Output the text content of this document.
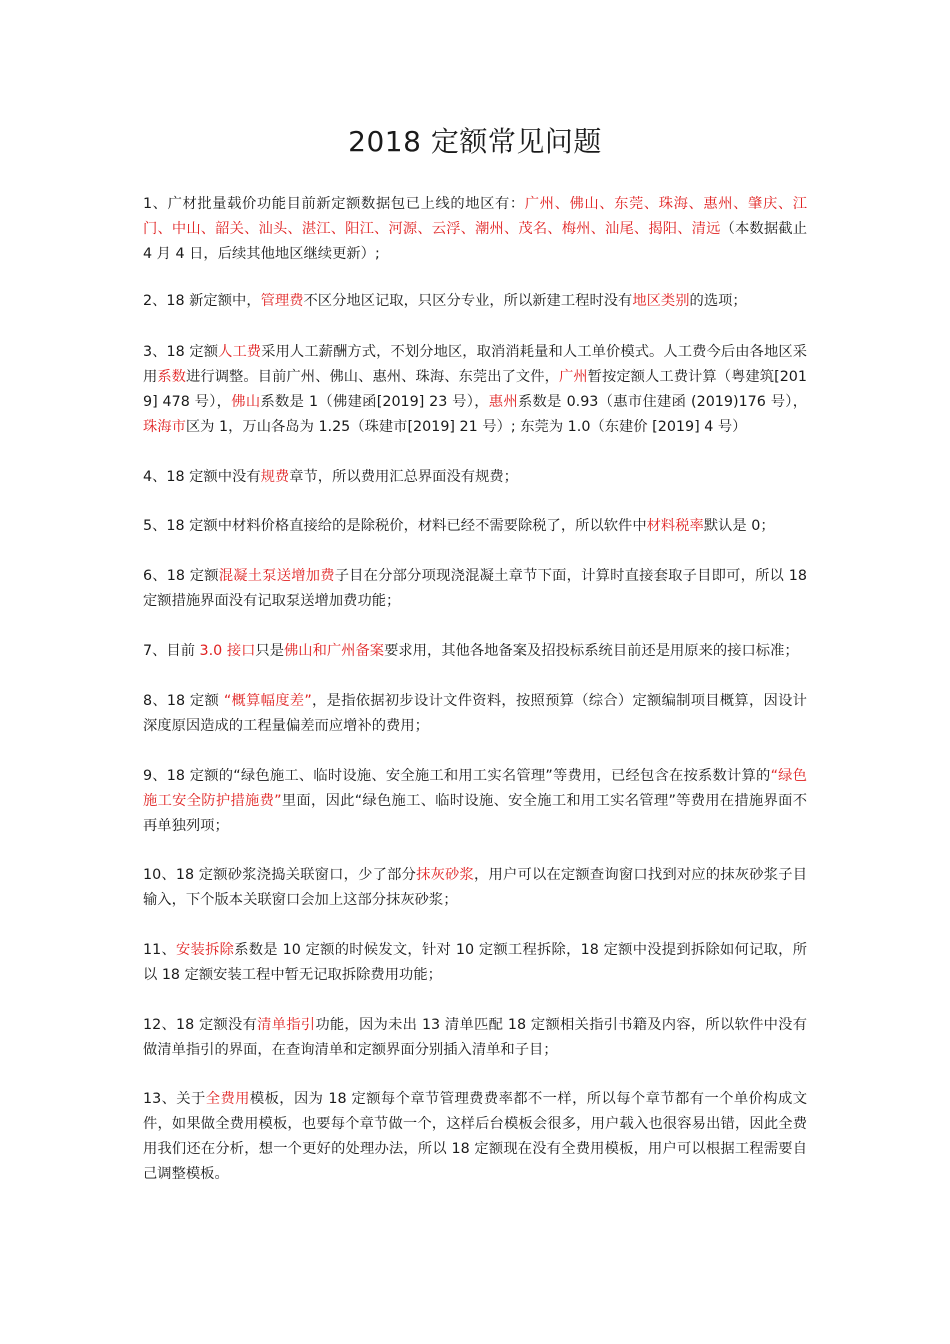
2018 定额常见问题

1、广材批量载价功能目前新定额数据包已上线的地区有：广州、佛山、东莞、珠海、惠州、肇庆、江门、中山、韶关、汕头、湛江、阳江、河源、云浮、潮州、茂名、梅州、汕尾、揭阳、清远（本数据截止 4 月 4 日，后续其他地区继续更新）;

2、18 新定额中，管理费不区分地区记取，只区分专业，所以新建工程时没有地区类别的选项；

3、18 定额人工费采用人工薪酬方式，不划分地区，取消消耗量和人工单价模式。人工费今后由各地区采用系数进行调整。目前广州、佛山、惠州、珠海、东莞出了文件，广州暂按定额人工费计算（粤建筑[2019] 478 号），佛山系数是 1（佛建函[2019] 23 号），惠州系数是 0.93（惠市住建函 (2019)176 号），珠海市区为 1，万山各岛为 1.25（珠建市[2019] 21 号）; 东莞为 1.0（东建价 [2019] 4 号）

4、18 定额中没有规费章节，所以费用汇总界面没有规费；

5、18 定额中材料价格直接给的是除税价，材料已经不需要除税了，所以软件中材料税率默认是 0；

6、18 定额混凝土泵送增加费子目在分部分项现浇混凝土章节下面，计算时直接套取子目即可，所以 18 定额措施界面没有记取泵送增加费功能；

7、目前 3.0 接口只是佛山和广州备案要求用，其他各地备案及招投标系统目前还是用原来的接口标准；

8、18 定额 “概算幅度差”，是指依据初步设计文件资料，按照预算（综合）定额编制项目概算，因设计深度原因造成的工程量偏差而应增补的费用；

9、18 定额的“绿色施工、临时设施、安全施工和用工实名管理”等费用，已经包含在按系数计算的“绿色施工安全防护措施费”里面，因此“绿色施工、临时设施、安全施工和用工实名管理”等费用在措施界面不再单独列项；

10、18 定额砂浆浇捣关联窗口，少了部分抹灰砂浆，用户可以在定额查询窗口找到对应的抹灰砂浆子目输入，下个版本关联窗口会加上这部分抹灰砂浆；

11、安装拆除系数是 10 定额的时候发文，针对 10 定额工程拆除，18 定额中没提到拆除如何记取，所以 18 定额安装工程中暂无记取拆除费用功能；

12、18 定额没有清单指引功能，因为未出 13 清单匹配 18 定额相关指引书籍及内容，所以软件中没有做清单指引的界面，在查询清单和定额界面分别插入清单和子目；

13、关于全费用模板，因为 18 定额每个章节管理费费率都不一样，所以每个章节都有一个单价构成文件，如果做全费用模板，也要每个章节做一个，这样后台模板会很多，用户载入也很容易出错，因此全费用我们还在分析，想一个更好的处理办法，所以 18 定额现在没有全费用模板，用户可以根据工程需要自己调整模板。
